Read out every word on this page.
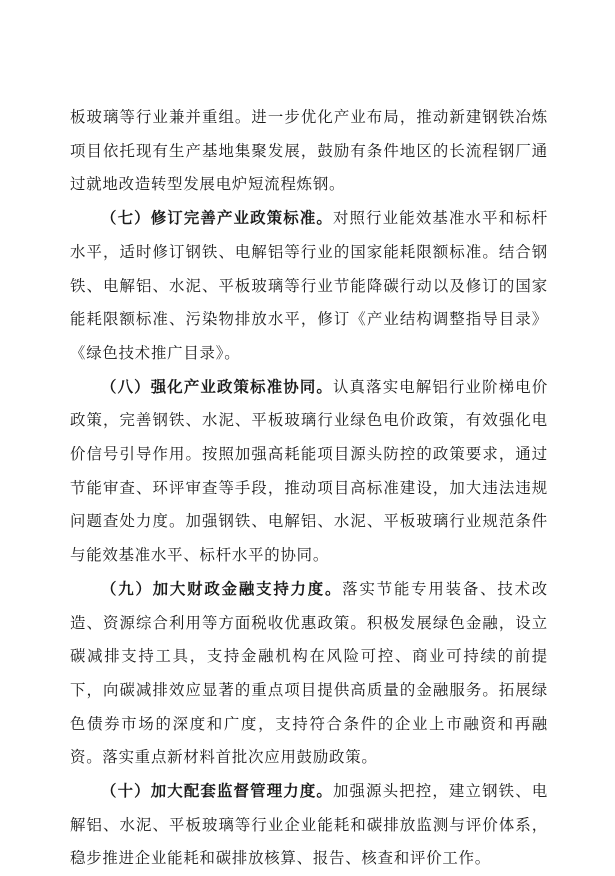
板玻璃等行业兼并重组。进一步优化产业布局，推动新建钢铁冶炼项目依托现有生产基地集聚发展，鼓励有条件地区的长流程钢厂通过就地改造转型发展电炉短流程炼钢。

（七）修订完善产业政策标准。对照行业能效基准水平和标杆水平，适时修订钢铁、电解铝等行业的国家能耗限额标准。结合钢铁、电解铝、水泥、平板玻璃等行业节能降碳行动以及修订的国家能耗限额标准、污染物排放水平，修订《产业结构调整指导目录》《绿色技术推广目录》。

（八）强化产业政策标准协同。认真落实电解铝行业阶梯电价政策，完善钢铁、水泥、平板玻璃行业绿色电价政策，有效强化电价信号引导作用。按照加强高耗能项目源头防控的政策要求，通过节能审查、环评审查等手段，推动项目高标准建设，加大违法违规问题查处力度。加强钢铁、电解铝、水泥、平板玻璃行业规范条件与能效基准水平、标杆水平的协同。

（九）加大财政金融支持力度。落实节能专用装备、技术改造、资源综合利用等方面税收优惠政策。积极发展绿色金融，设立碳减排支持工具，支持金融机构在风险可控、商业可持续的前提下，向碳减排效应显著的重点项目提供高质量的金融服务。拓展绿色债券市场的深度和广度，支持符合条件的企业上市融资和再融资。落实重点新材料首批次应用鼓励政策。

（十）加大配套监督管理力度。加强源头把控，建立钢铁、电解铝、水泥、平板玻璃等行业企业能耗和碳排放监测与评价体系，稳步推进企业能耗和碳排放核算、报告、核查和评价工作。
